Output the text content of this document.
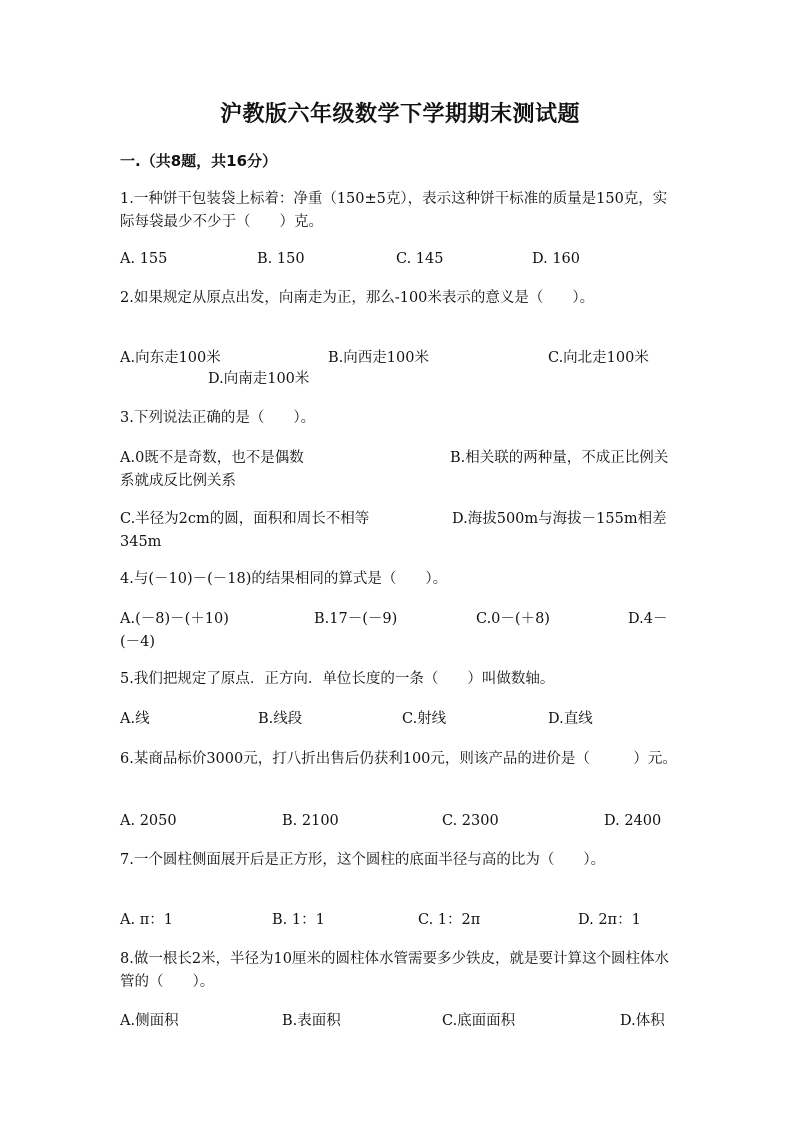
沪教版六年级数学下学期期末测试题
一.（共8题，共16分）
1.一种饼干包装袋上标着：净重（150±5克），表示这种饼干标准的质量是150克，实际每袋最少不少于（　　）克。
A. 155	B. 150	C. 145	D. 160
2.如果规定从原点出发，向南走为正，那么-100米表示的意义是（　　）。
A.向东走100米	B.向西走100米	C.向北走100米
D.向南走100米
3.下列说法正确的是（　　）。
A.0既不是奇数，也不是偶数	B.相关联的两种量，不成正比例关系就成反比例关系
C.半径为2cm的圆，面积和周长不相等	D.海拔500m与海拔－155m相差345m
4.与(－10)－(－18)的结果相同的算式是（　　）。
A.(－8)－(＋10)	B.17－(－9)	C.0－(＋8)	D.4－(－4)
5.我们把规定了原点．正方向．单位长度的一条（　　）叫做数轴。
A.线	B.线段	C.射线	D.直线
6.某商品标价3000元，打八折出售后仍获利100元，则该产品的进价是（　　　）元。
A. 2050	B. 2100	C. 2300	D. 2400
7.一个圆柱侧面展开后是正方形，这个圆柱的底面半径与高的比为（　　）。
A. π：1	B. 1：1	C. 1：2π	D. 2π：1
8.做一根长2米，半径为10厘米的圆柱体水管需要多少铁皮，就是要计算这个圆柱体水管的（　　）。
A.侧面积	B.表面积	C.底面面积	D.体积
